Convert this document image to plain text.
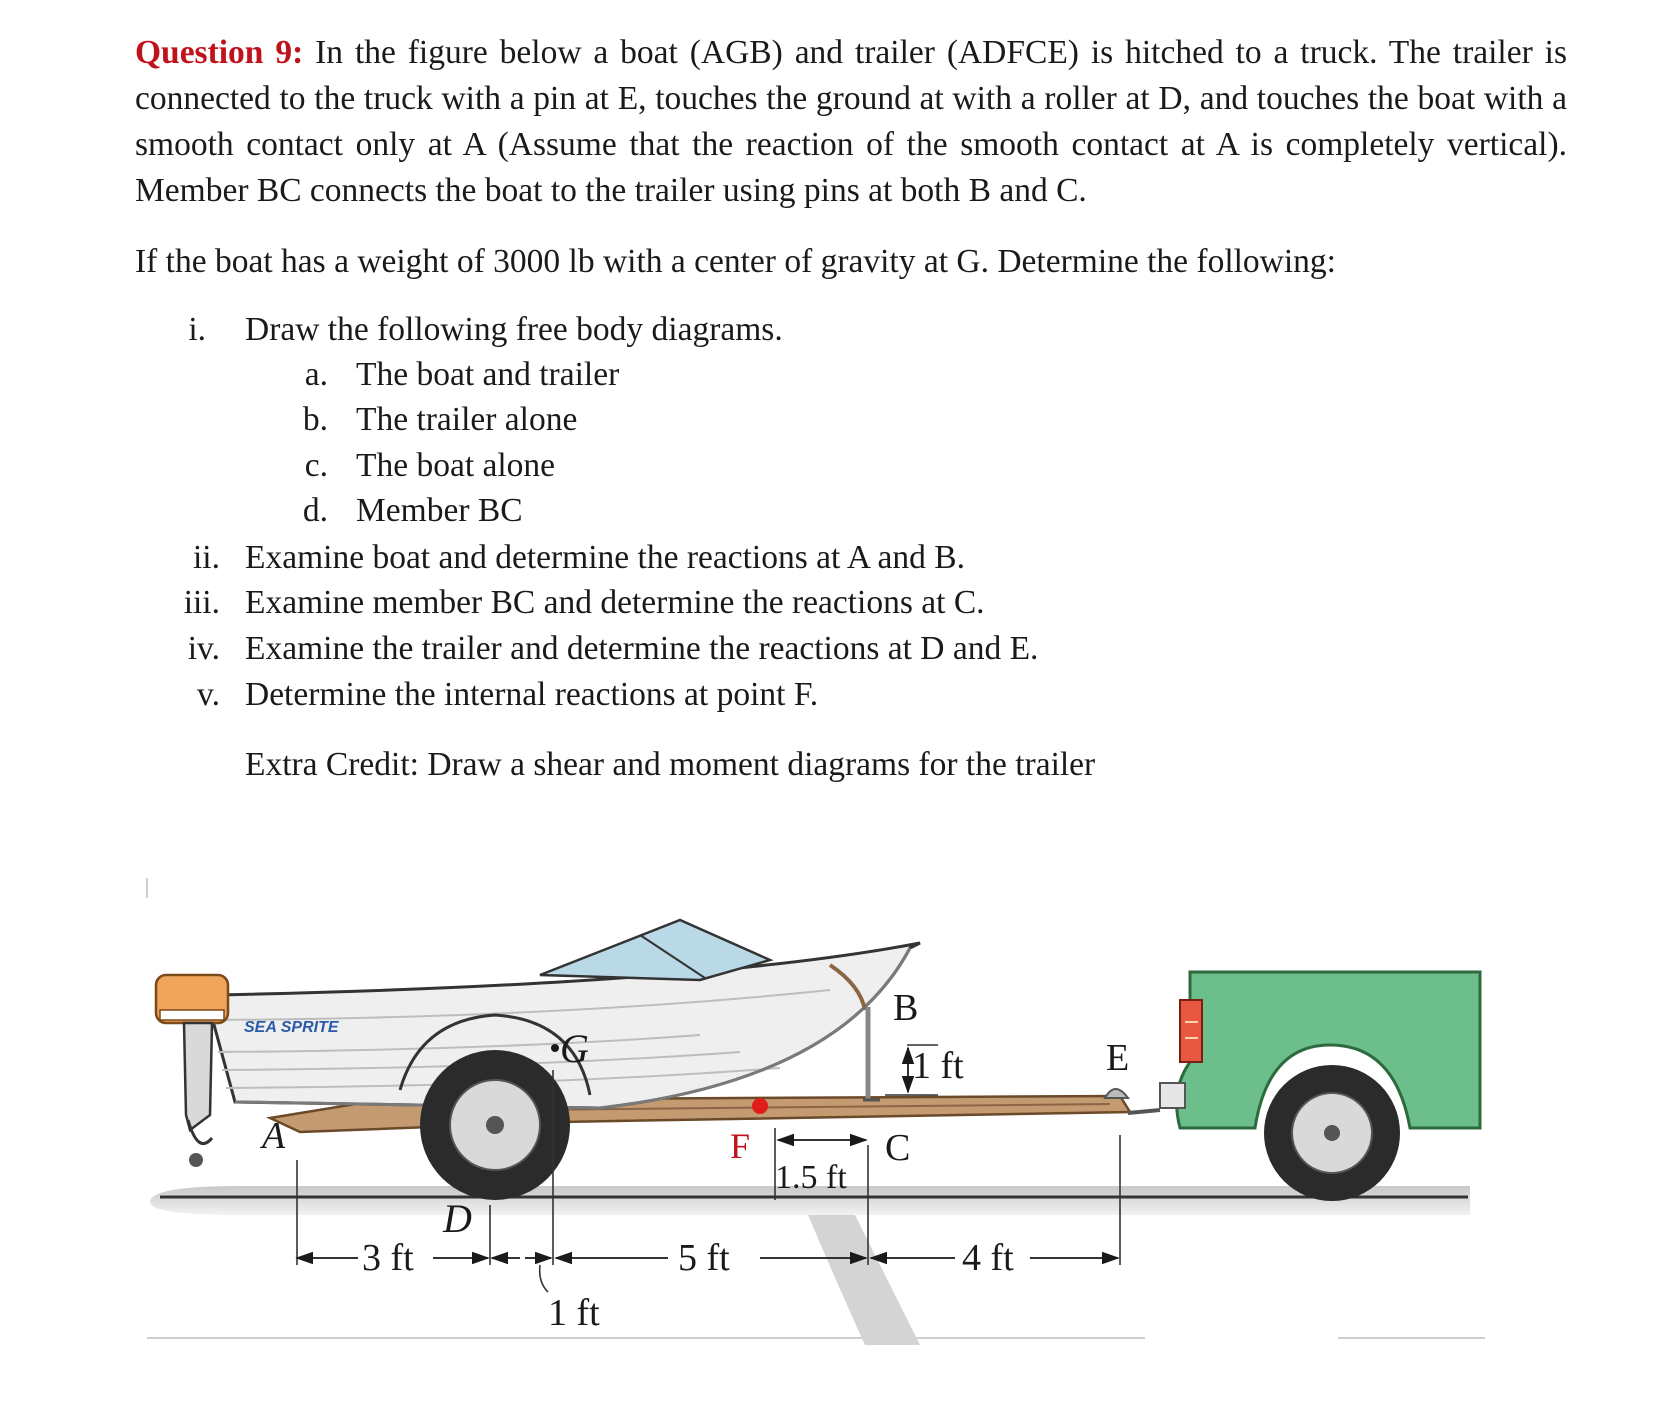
Question 9: In the figure below a boat (AGB) and trailer (ADFCE) is hitched to a truck. The trailer is connected to the truck with a pin at E, touches the ground at with a roller at D, and touches the boat with a smooth contact only at A (Assume that the reaction of the smooth contact at A is completely vertical). Member BC connects the boat to the trailer using pins at both B and C.
If the boat has a weight of 3000 lb with a center of gravity at G. Determine the following:
i. Draw the following free body diagrams.
a. The boat and trailer
b. The trailer alone
c. The boat alone
d. Member BC
ii. Examine boat and determine the reactions at A and B.
iii. Examine member BC and determine the reactions at C.
iv. Examine the trailer and determine the reactions at D and E.
v. Determine the internal reactions at point F.
Extra Credit: Draw a shear and moment diagrams for the trailer
SEA SPRITE
A
D
G
F	C
B
E
3 ft
1 ft
5 ft	4 ft
1.5 ft
1 ft
